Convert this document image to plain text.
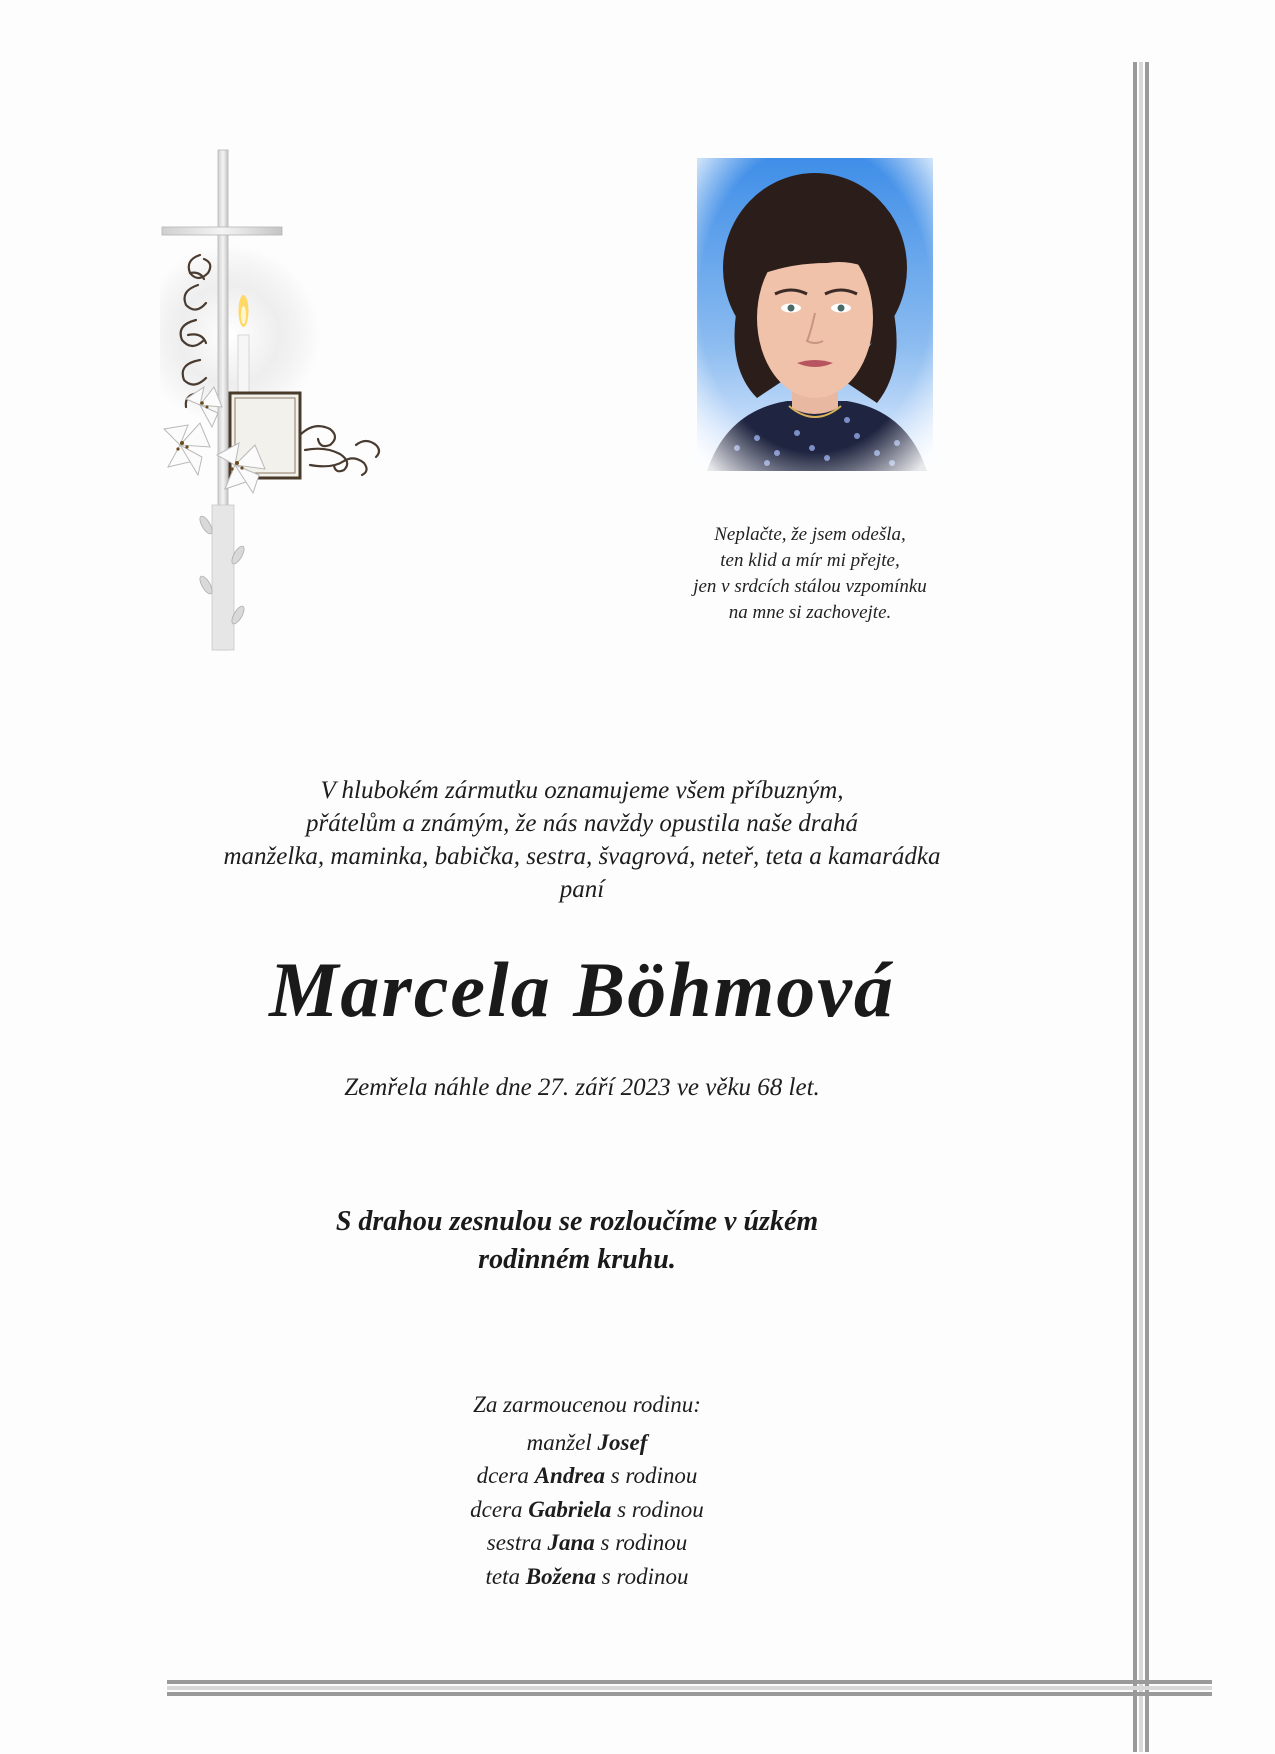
Neplačte, že jsem odešla,
ten klid a mír mi přejte,
jen v srdcích stálou vzpomínku
na mne si zachovejte.
V hlubokém zármutku oznamujeme všem příbuzným,
přátelům a známým, že nás navždy opustila naše drahá
manželka, maminka, babička, sestra, švagrová, neteř, teta a kamarádka
paní
Marcela Böhmová
Zemřela náhle dne 27. září 2023 ve věku 68 let.
S drahou zesnulou se rozloučíme v úzkém
rodinném kruhu.
Za zarmoucenou rodinu:
manžel Josef
dcera Andrea s rodinou
dcera Gabriela s rodinou
sestra Jana s rodinou
teta Božena s rodinou
